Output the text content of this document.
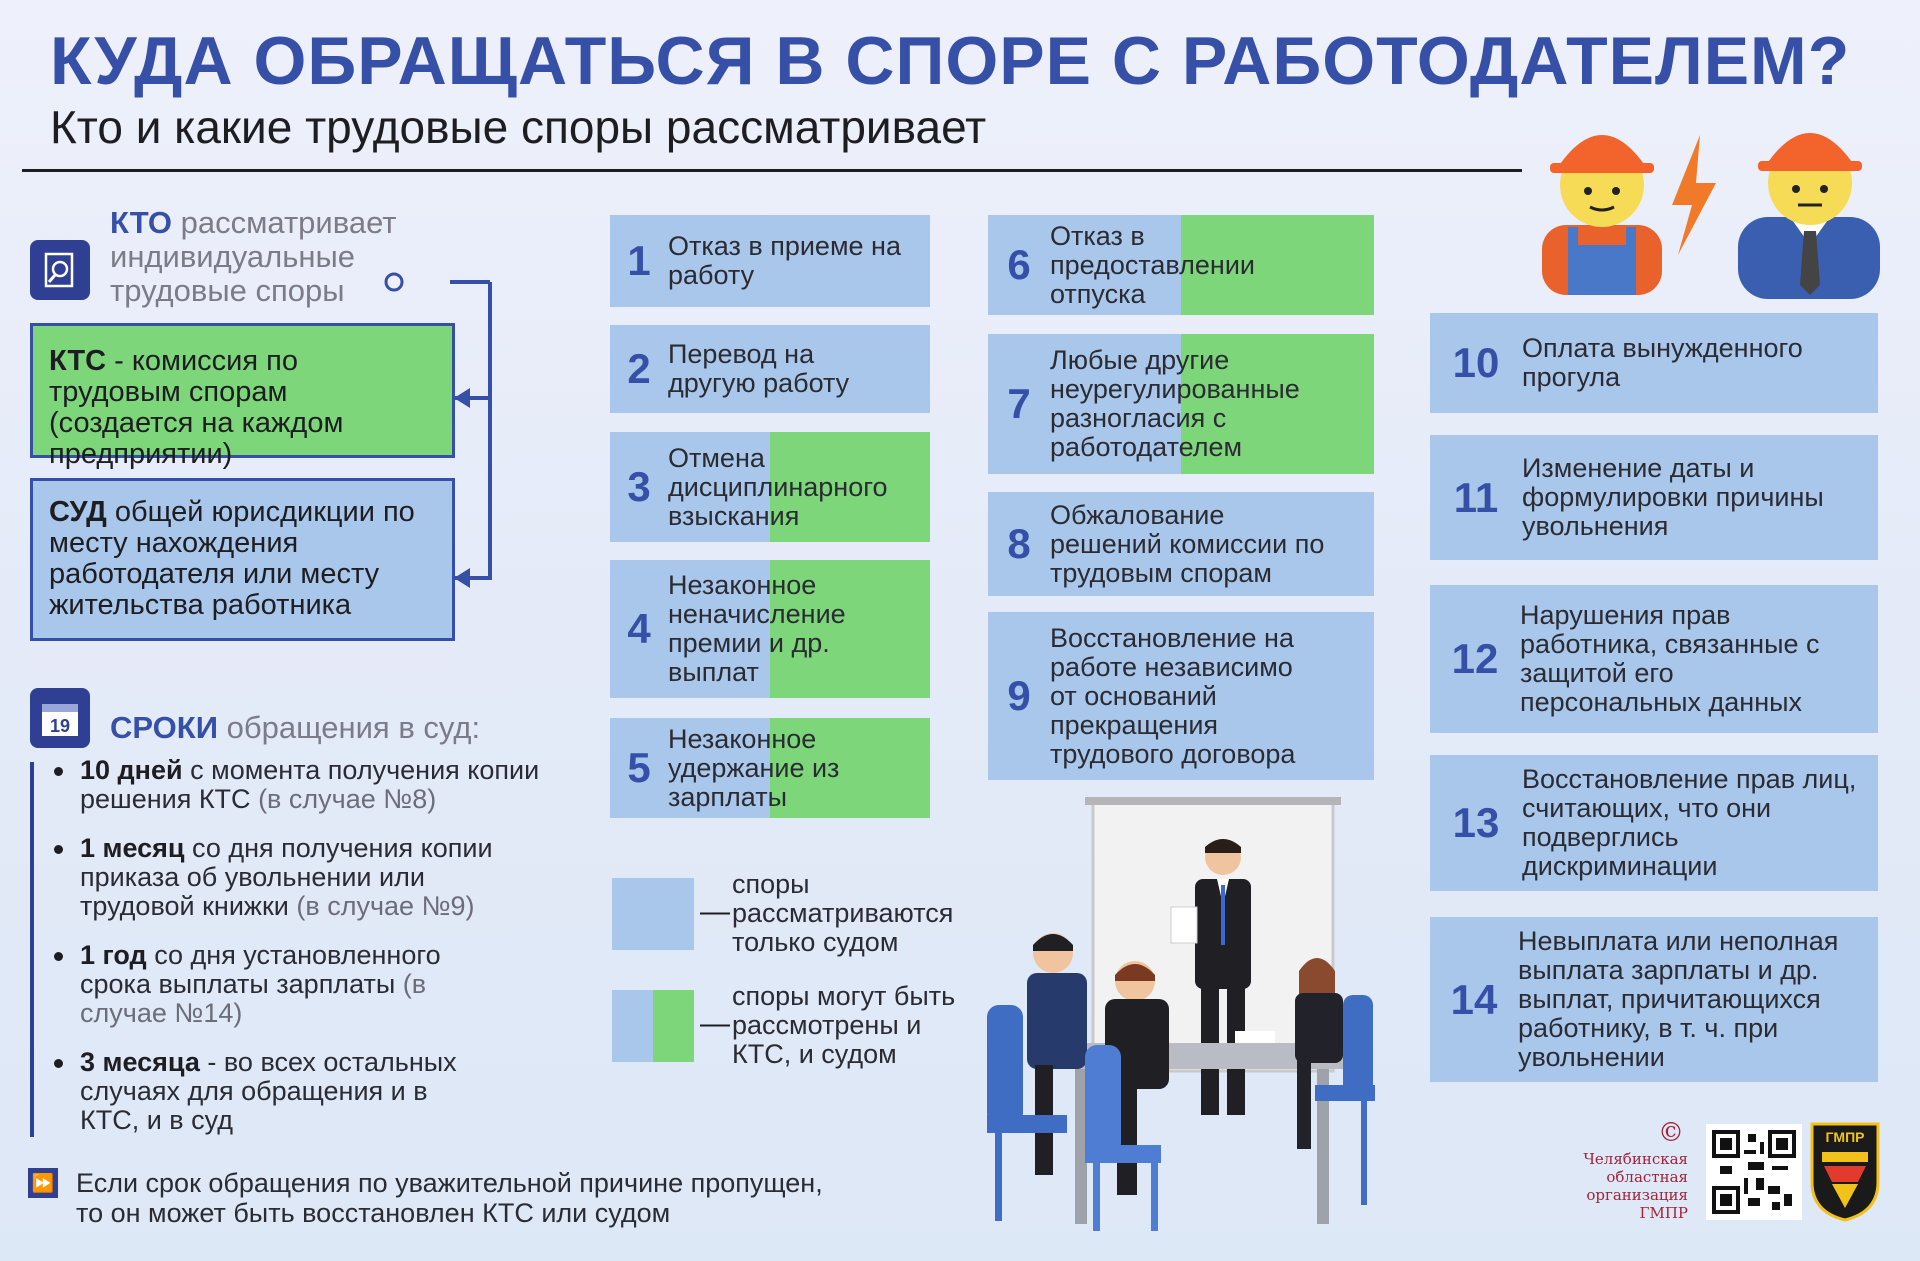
КУДА ОБРАЩАТЬСЯ В СПОРЕ С РАБОТОДАТЕЛЕМ?
Кто и какие трудовые споры рассматривает
КТО рассматривает
индивидуальные
трудовые споры
КТС - комиссия по трудовым спорам (создается на каждом предприятии)
СУД общей юрисдикции по месту нахождения работодателя или месту жительства работника
19 СРОКИ обращения в суд:
10 дней с момента получения копии решения КТС (в случае №8)
1 месяц со дня получения копии приказа об увольнении или трудовой книжки (в случае №9)
1 год со дня установленного срока выплаты зарплаты (в случае №14)
3 месяца - во всех остальных случаях для обращения и в КТС, и в суд
⏩ Если срок обращения по уважительной причине пропущен, то он может быть восстановлен КТС или судом
1 Отказ в приеме на работу
2 Перевод на другую работу
3
Отмена дисциплинарного взыскания
4
Незаконное неначисление премии и др. выплат
5
Незаконное удержание из зарплаты
6
Отказ в предоставлении отпуска
7
Любые другие неурегулированные разногласия с работодателем
8
Обжалование решений комиссии по трудовым спорам
9
Восстановление на работе независимо от оснований прекращения трудового договора
10 Оплата вынужденного прогула
11
Изменение даты и формулировки причины увольнения
12
Нарушения прав работника, связанные с защитой его персональных данных
13
Восстановление прав лиц, считающих, что они подверглись дискриминации
14
Невыплата или неполная выплата зарплаты и др. выплат, причитающихся работнику, в т. ч. при увольнении
—
споры рассматриваются только судом
—
споры могут быть рассмотрены и КТС, и судом
©
Челябинская областная организация ГМПР
ГМПР
